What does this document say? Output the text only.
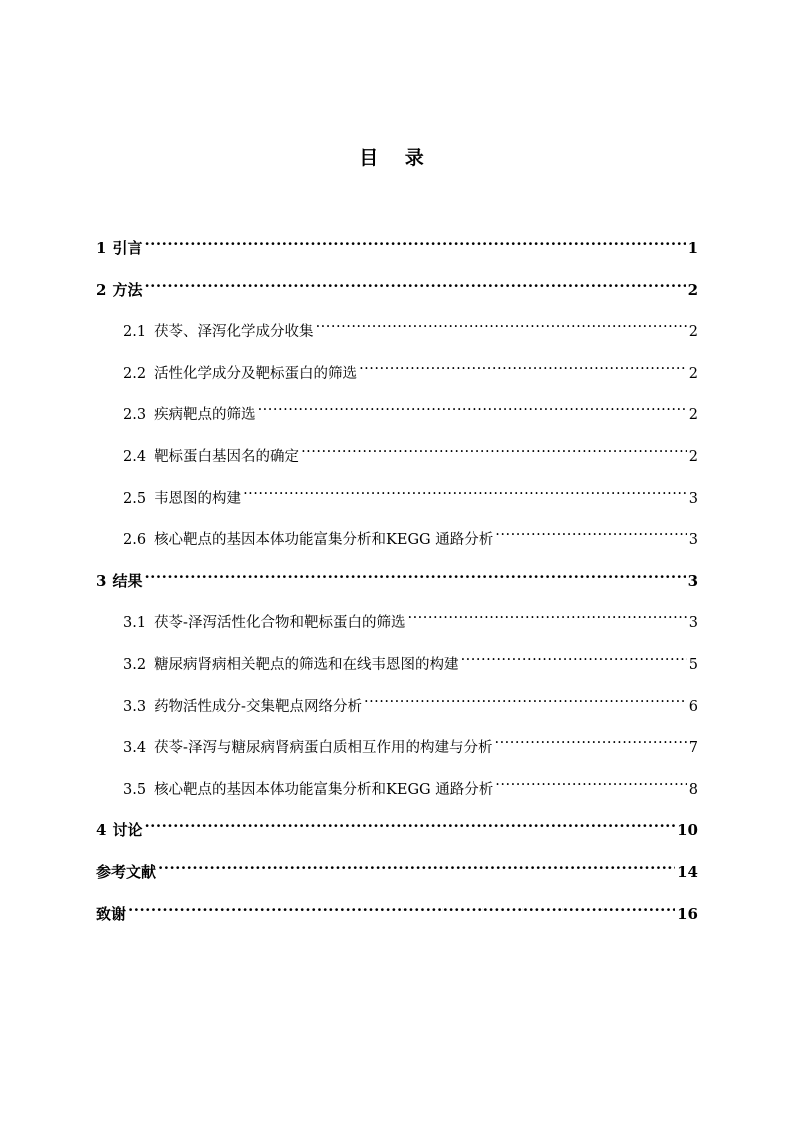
目 录
1 引言 .....	1
2 方法 .....	2
2.1 茯苓、泽泻化学成分收集 .....	2
2.2 活性化学成分及靶标蛋白的筛选 .....	2
2.3 疾病靶点的筛选 .....	2
2.4 靶标蛋白基因名的确定 .....	2
2.5 韦恩图的构建 .....	3
2.6 核心靶点的基因本体功能富集分析和KEGG 通路分析 .....	3
3 结果 .....	3
3.1 茯苓-泽泻活性化合物和靶标蛋白的筛选 .....	3
3.2 糖尿病肾病相关靶点的筛选和在线韦恩图的构建 .....	5
3.3 药物活性成分-交集靶点网络分析 .....	6
3.4 茯苓-泽泻与糖尿病肾病蛋白质相互作用的构建与分析 .....	7
3.5 核心靶点的基因本体功能富集分析和KEGG 通路分析 .....	8
4 讨论 .....	10
参考文献 .....	14
致谢 .....	16
